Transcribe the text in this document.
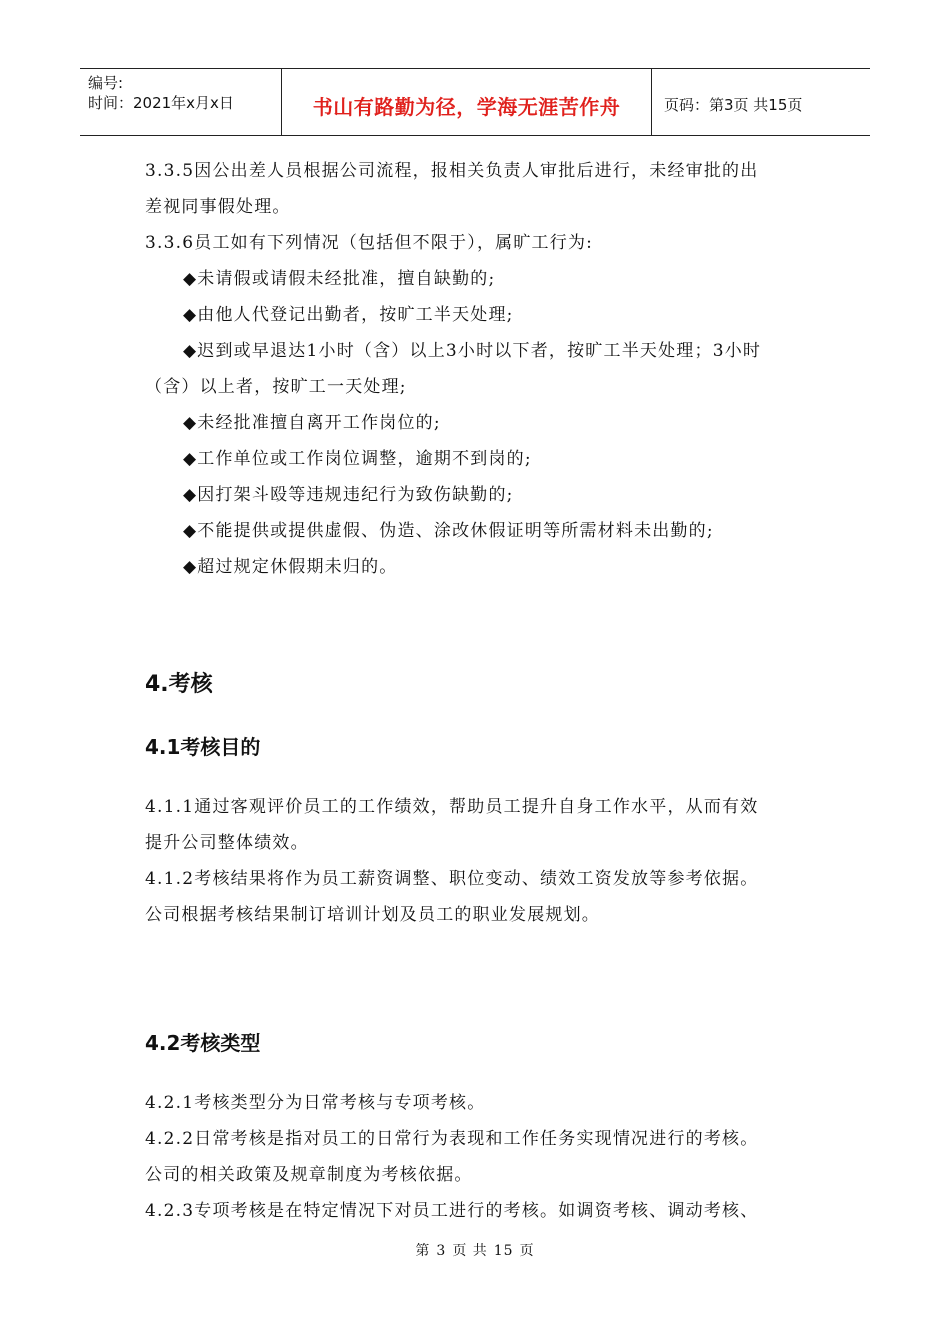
编号:
时间：2021年x月x日	书山有路勤为径，学海无涯苦作舟	页码：第3页 共15页
3.3.5因公出差人员根据公司流程，报相关负责人审批后进行，未经审批的出
差视同事假处理。
3.3.6员工如有下列情况（包括但不限于），属旷工行为:
◆未请假或请假未经批准，擅自缺勤的;
◆由他人代登记出勤者，按旷工半天处理;
◆迟到或早退达1小时（含）以上3小时以下者，按旷工半天处理；3小时
（含）以上者，按旷工一天处理;
◆未经批准擅自离开工作岗位的;
◆工作单位或工作岗位调整，逾期不到岗的;
◆因打架斗殴等违规违纪行为致伤缺勤的;
◆不能提供或提供虚假、伪造、涂改休假证明等所需材料未出勤的;
◆超过规定休假期未归的。
4.考核
4.1考核目的
4.1.1通过客观评价员工的工作绩效，帮助员工提升自身工作水平，从而有效
提升公司整体绩效。
4.1.2考核结果将作为员工薪资调整、职位变动、绩效工资发放等参考依据。
公司根据考核结果制订培训计划及员工的职业发展规划。
4.2考核类型
4.2.1考核类型分为日常考核与专项考核。
4.2.2日常考核是指对员工的日常行为表现和工作任务实现情况进行的考核。
公司的相关政策及规章制度为考核依据。
4.2.3专项考核是在特定情况下对员工进行的考核。如调资考核、调动考核、
第 3 页 共 15 页
